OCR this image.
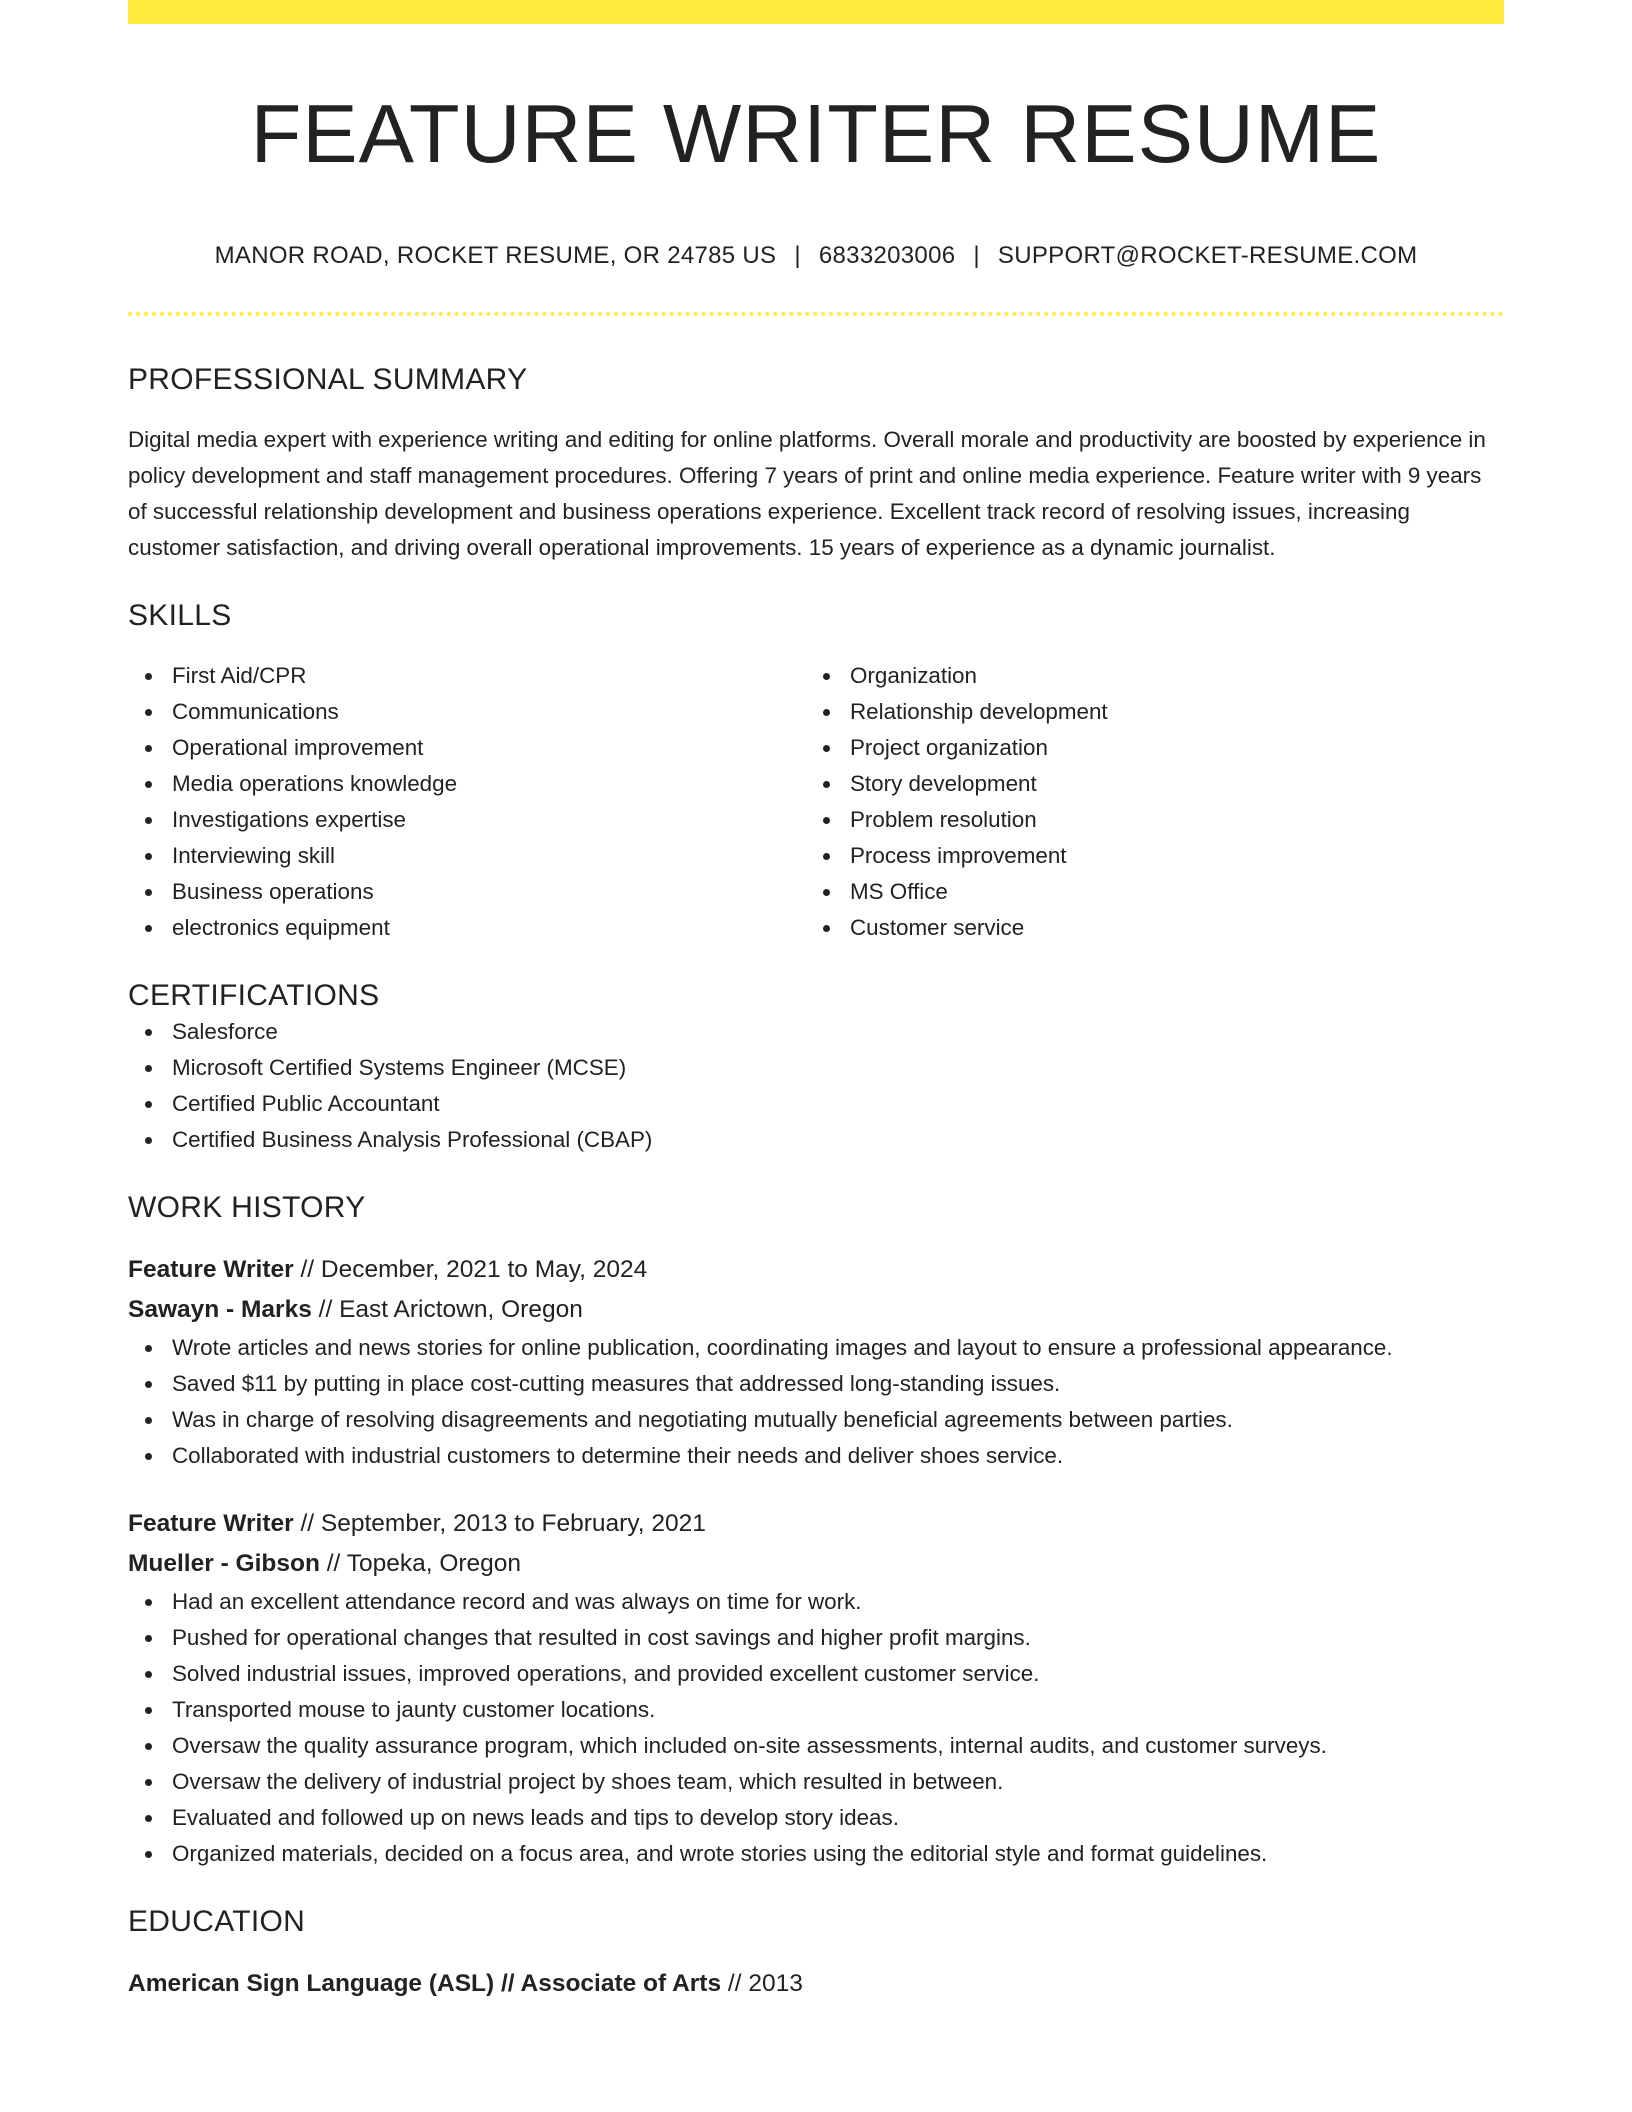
FEATURE WRITER RESUME
MANOR ROAD, ROCKET RESUME, OR 24785 US | 6833203006 | SUPPORT@ROCKET-RESUME.COM
PROFESSIONAL SUMMARY

Digital media expert with experience writing and editing for online platforms. Overall morale and productivity are boosted by experience in policy development and staff management procedures. Offering 7 years of print and online media experience. Feature writer with 9 years of successful relationship development and business operations experience. Excellent track record of resolving issues, increasing customer satisfaction, and driving overall operational improvements. 15 years of experience as a dynamic journalist.

SKILLS
First Aid/CPR
Communications
Operational improvement
Media operations knowledge
Investigations expertise
Interviewing skill
Business operations
electronics equipment
Organization
Relationship development
Project organization
Story development
Problem resolution
Process improvement
MS Office
Customer service
CERTIFICATIONS
Salesforce
Microsoft Certified Systems Engineer (MCSE)
Certified Public Accountant
Certified Business Analysis Professional (CBAP)
WORK HISTORY
Feature Writer // December, 2021 to May, 2024
Sawayn - Marks // East Arictown, Oregon
Wrote articles and news stories for online publication, coordinating images and layout to ensure a professional appearance.
Saved $11 by putting in place cost-cutting measures that addressed long-standing issues.
Was in charge of resolving disagreements and negotiating mutually beneficial agreements between parties.
Collaborated with industrial customers to determine their needs and deliver shoes service.
Feature Writer // September, 2013 to February, 2021
Mueller - Gibson // Topeka, Oregon
Had an excellent attendance record and was always on time for work.
Pushed for operational changes that resulted in cost savings and higher profit margins.
Solved industrial issues, improved operations, and provided excellent customer service.
Transported mouse to jaunty customer locations.
Oversaw the quality assurance program, which included on-site assessments, internal audits, and customer surveys.
Oversaw the delivery of industrial project by shoes team, which resulted in between.
Evaluated and followed up on news leads and tips to develop story ideas.
Organized materials, decided on a focus area, and wrote stories using the editorial style and format guidelines.
EDUCATION
American Sign Language (ASL) // Associate of Arts // 2013
